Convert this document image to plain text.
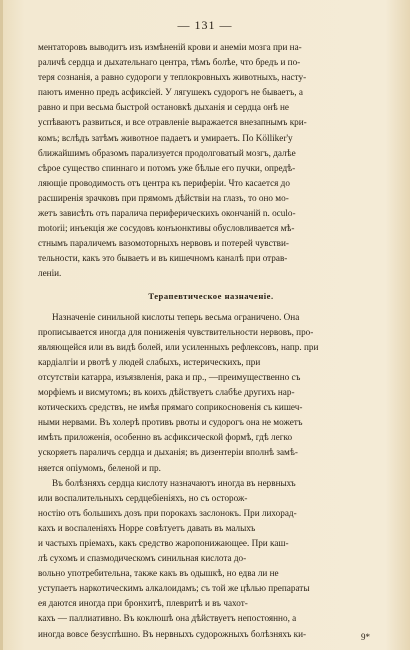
— 131 —

ментаторовъ выводитъ изъ измѣненій крови и анеміи мозга при на-

раличѣ сердца и дыхательнаго центра, тѣмъ болѣе, что бредъ и по-

теря сознанія, а равно судороги у теплокровныхъ животныхъ, насту-

паютъ именно предъ асфиксіей. У лягушекъ судорогъ не бываетъ, а

равно и при весьма быстрой остановкѣ дыханія и сердца онѣ не

успѣваютъ развиться, и все отравленіе выражается внезапнымъ кри-

комъ; вслѣдъ затѣмъ животное падаетъ и умираетъ. По Kölliker'у

ближайшимъ образомъ парализуется продолговатый мозгъ, далѣе

сѣрое существо спиннаго и потомъ уже бѣлые его пучки, опредѣ-

ляющіе проводимость отъ центра къ периферіи. Что касается до

расширенія зрачковъ при прямомъ дѣйствіи на глазъ, то оно мо-

жетъ зависѣть отъ паралича периферическихъ окончаній n. oculo-

motorii; инъекція же сосудовъ конъюнктивы обусловливается мѣ-

стнымъ параличемъ вазомоторныхъ нервовъ и потерей чувстви-

тельности, какъ это бываетъ и въ кишечномъ каналѣ при отрав-

леніи.

Терапевтическое назначеніе.

Назначеніе синильной кислоты теперь весьма ограничено. Она

прописывается иногда для пониженія чувствительности нервовъ, про-

являющейся или въ видѣ болей, или усиленныхъ рефлексовъ, напр. при

кардіалгіи и рвотѣ у людей слабыхъ, истерическихъ, при

отсутствіи катарра, изъязвленія, рака и пр., —преимущественно съ

морфіемъ и висмутомъ; въ коихъ дѣйствуетъ слабѣе другихъ нар-

котическихъ средствъ, не имѣя прямаго соприкосновенія съ кишеч-

ными нервами. Въ холерѣ противъ рвоты и судорогъ она не можетъ

имѣть приложенія, особенно въ асфиксической формѣ, гдѣ легко

ускоряетъ параличъ сердца и дыханія; въ дизентеріи вполнѣ замѣ-

няется опіумомъ, беленой и пр.

Въ болѣзняхъ сердца кислоту назначаютъ иногда въ нервныхъ

или воспалительныхъ сердцебіеніяхъ, но съ осторож-

ностію отъ большихъ дозъ при порокахъ заслонокъ. При лихорад-

кахъ и воспаленіяхъ Норре совѣтуетъ давать въ малыхъ

и частыхъ пріемахъ, какъ средство жаропонижающее. При каш-

лѣ сухомъ и спазмодическомъ синильная кислота до-

вольно употребительна, также какъ въ одышкѣ, но едва ли не

уступаетъ наркотическимъ алкалоидамъ; съ той же цѣлью препараты

ея даются иногда при бронхитѣ, плевритѣ и въ чахот-

кахъ — паллиативно. Въ коклюшѣ она дѣйствуетъ непостоянно, а

иногда вовсе безуспѣшно. Въ нервныхъ судорожныхъ болѣзняхъ ки-	9*
